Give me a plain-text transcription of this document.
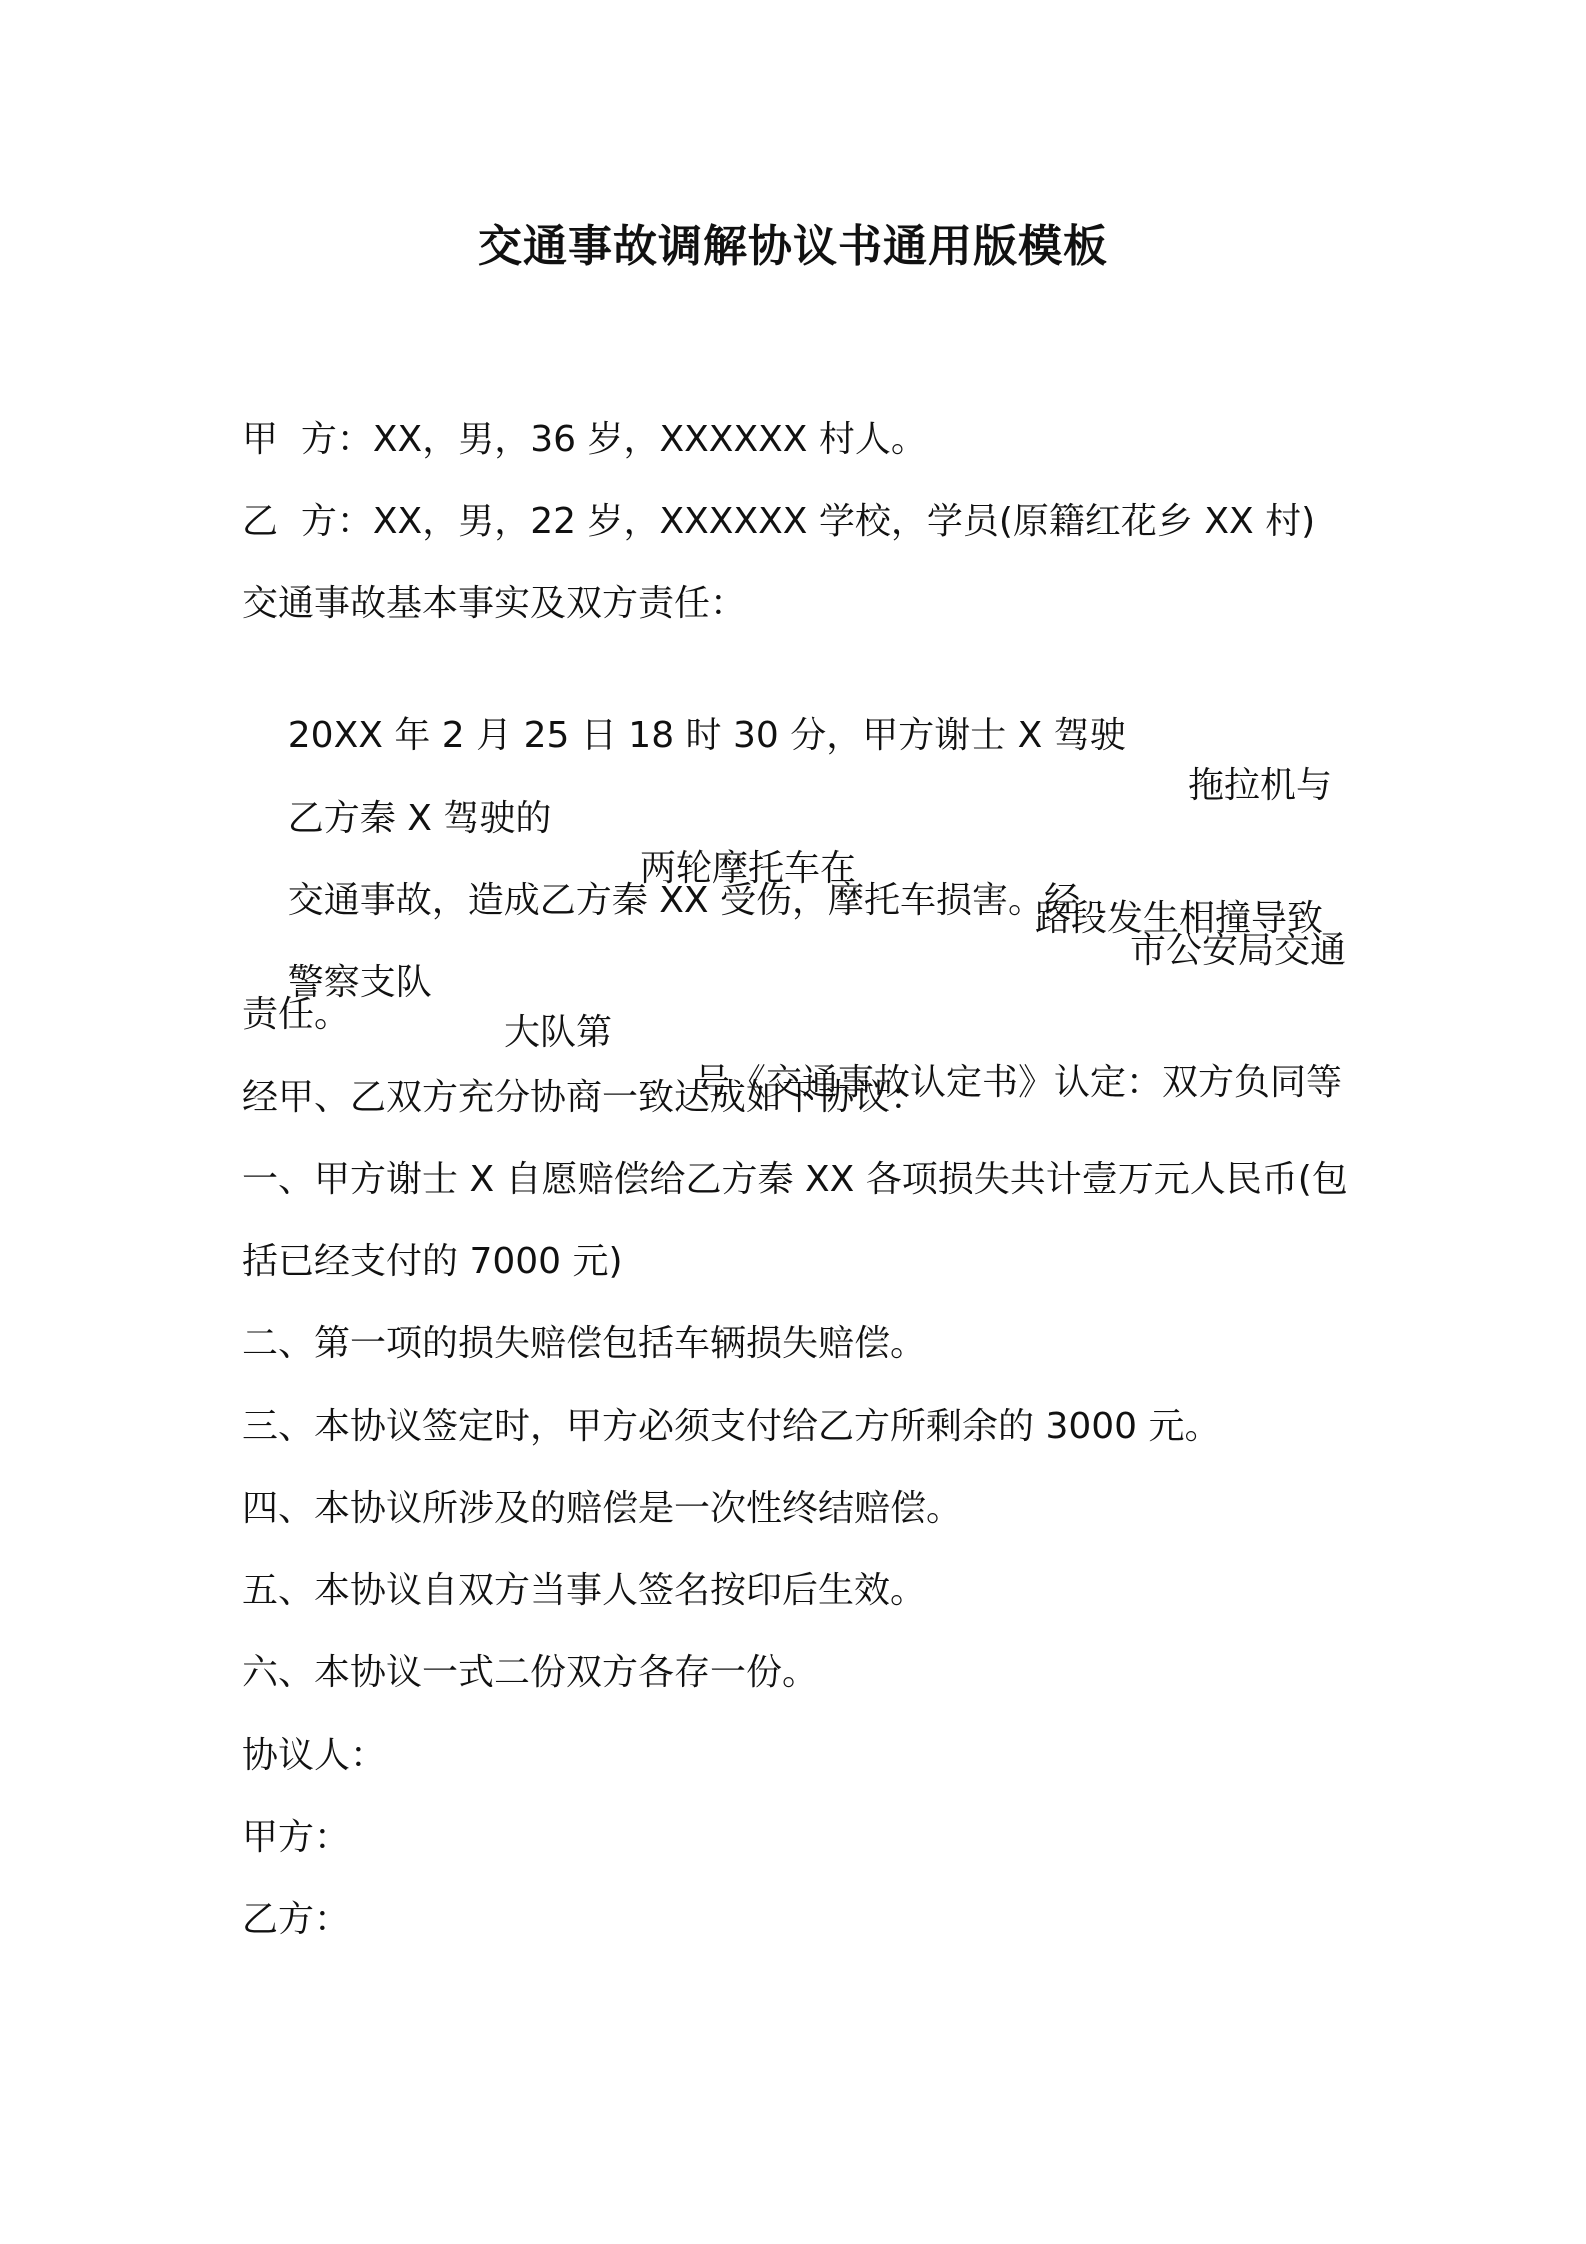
交通事故调解协议书通用版模板
甲  方：XX，男，36 岁，XXXXXX 村人。
乙  方：XX，男，22 岁，XXXXXX 学校，学员(原籍红花乡 XX 村)
交通事故基本事实及双方责任：

20XX 年 2 月 25 日 18 时 30 分，甲方谢士 X 驾驶

拖拉机与

乙方秦 X 驾驶的

两轮摩托车在

路段发生相撞导致

交通事故，造成乙方秦 XX 受伤，摩托车损害。经

市公安局交通

警察支队

大队第

号《交通事故认定书》认定：双方负同等

责任。
经甲、乙双方充分协商一致达成如下协议：
一、甲方谢士 X 自愿赔偿给乙方秦 XX 各项损失共计壹万元人民币(包
括已经支付的 7000 元)
二、第一项的损失赔偿包括车辆损失赔偿。
三、本协议签定时，甲方必须支付给乙方所剩余的 3000 元。
四、本协议所涉及的赔偿是一次性终结赔偿。
五、本协议自双方当事人签名按印后生效。
六、本协议一式二份双方各存一份。
协议人：
甲方：
乙方：
